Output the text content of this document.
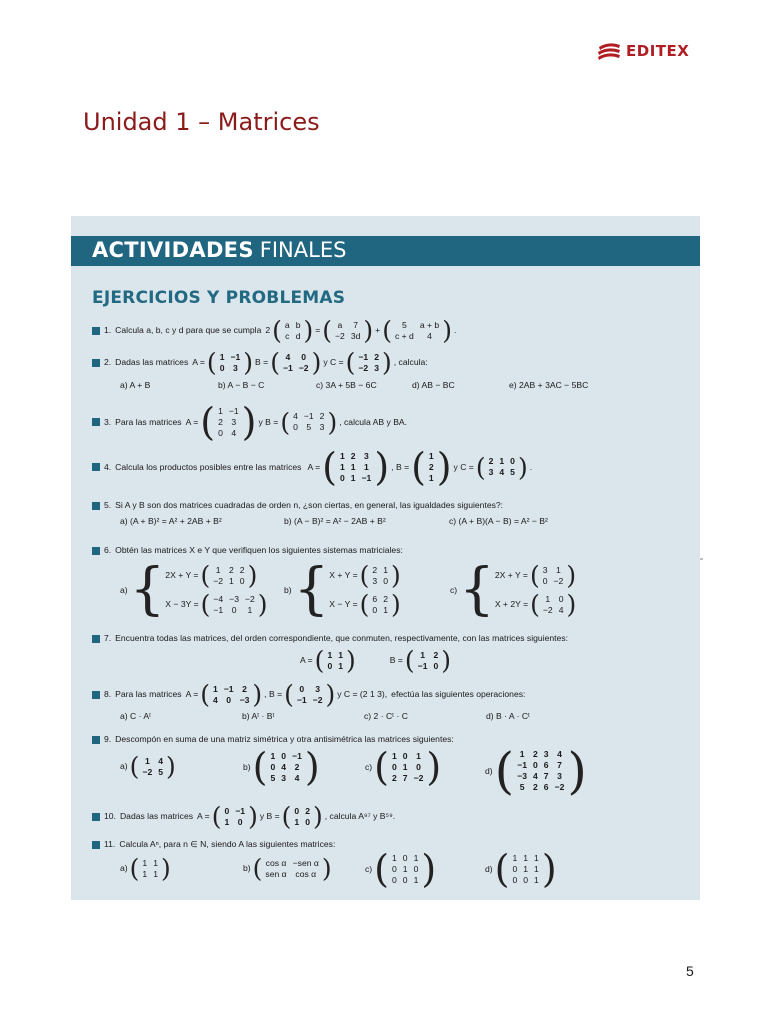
EDITEX
Unidad 1 – Matrices
ACTIVIDADES FINALES
EJERCICIOS Y PROBLEMAS
1. Calcula a, b, c y d para que se cumpla 2 ( a	b
c	d ) = ( a	7
−2	3d ) + ( 5	a + b
c + d	4 ) .
2. Dadas las matrices A = ( 1	−1
0	3 ) B = ( 4	0
−1	−2 ) y C = ( −1	2
−2	3 ) , calcula:
a) A + B	b) A − B − C	c) 3A + 5B − 6C	d) AB − BC	e) 2AB + 3AC − 5BC
3. Para las matrices A = ( 1	−1
2	3
0	4 ) y B = ( 4	−1	2
0	5	3 ) , calcula AB y BA.
4. Calcula los productos posibles entre las matrices A = ( 1	2	3
1	1	1
0	1	−1 ) , B = ( 1
2
1 ) y C = ( 2	1	0
3	4	5 ) .
5. Si A y B son dos matrices cuadradas de orden n, ¿son ciertas, en general, las igualdades siguientes?:
a) (A + B)² = A² + 2AB + B²	b) (A − B)² = A² − 2AB + B²	c) (A + B)(A − B) = A² − B²
6. Obtén las matrices X e Y que verifiquen los siguientes sistemas matriciales:
a) { 2X + Y = ( 1	2	2
−2	1	0 )
X − 3Y = ( −4	−3	−2
−1	0	1 )
b) { X + Y = ( 2	1
3	0 )
X − Y = ( 6	2
0	1 )
c) { 2X + Y = ( 3	1
0	−2 )
X + 2Y = ( 1	0
−2	4 )
7. Encuentra todas las matrices, del orden correspondiente, que conmuten, respectivamente, con las matrices siguientes:
A = ( 1	1
0	1 )	B = ( 1	2
−1	0 )
8. Para las matrices A = ( 1	−1	2
4	0	−3 ) , B = ( 0	3
−1	−2 ) y C = (2 1 3), efectúa las siguientes operaciones:
a) C · Aᵗ	b) Aᵗ · Bᵗ	c) 2 · Cᵗ · C	d) B · A · Cᵗ
9. Descompón en suma de una matriz simétrica y otra antisimétrica las matrices siguientes:
a) ( 1	4
−2	5 )	b) ( 1	0	−1
0	4	2
5	3	4 )	c) ( 1	0	1
0	1	0
2	7	−2 )	d) ( 1	2	3	4
−1	0	6	7
−3	4	7	3
5	2	6	−2 )
10. Dadas las matrices A = ( 0	−1
1	0 ) y B = ( 0	2
1	0 ) , calcula A⁹⁷ y B⁵⁹.
11. Calcula Aⁿ, para n ∈ N, siendo A las siguientes matrices:
a) ( 1	1
1	1 )	b) ( cos α	−sen α
sen α	cos α )	c) ( 1	0	1
0	1	0
0	0	1 )	d) ( 1	1	1
0	1	1
0	0	1 )
5
